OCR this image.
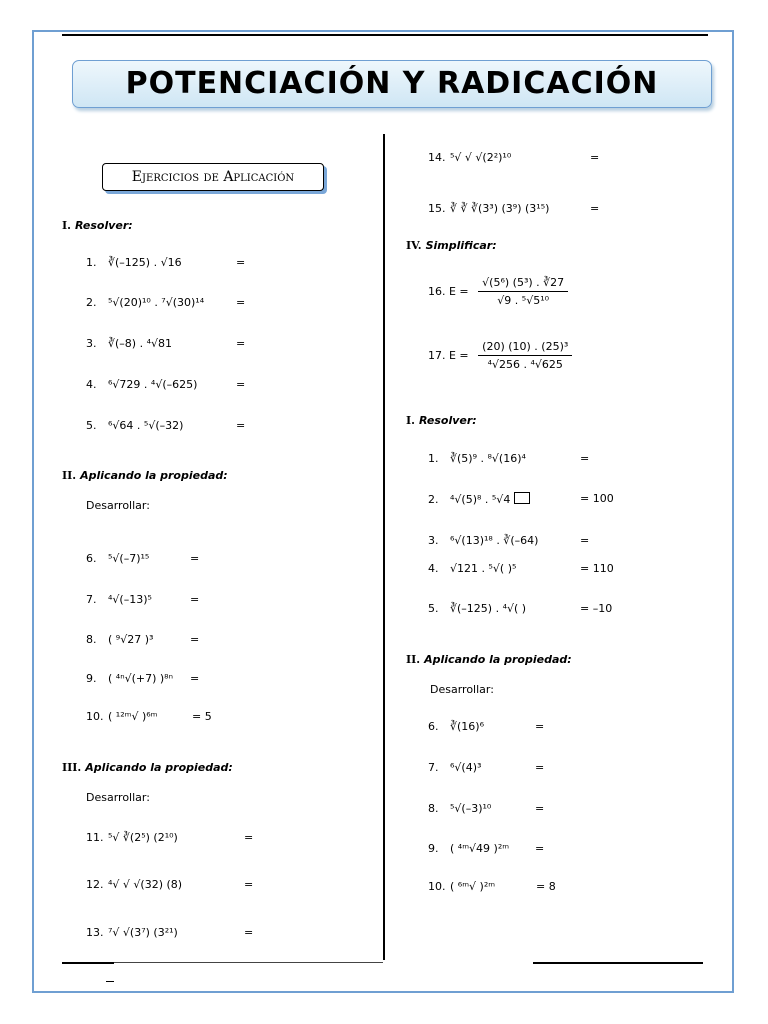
POTENCIACIÓN Y RADICACIÓN
Ejercicios de Aplicación
I. Resolver:
1. ∛(–125) . √16	=
2. ⁵√(20)¹⁰ . ⁷√(30)¹⁴	=
3. ∛(–8) . ⁴√81	=
4. ⁶√729 . ⁴√(–625)	=
5. ⁶√64 . ⁵√(–32)	=
II. Aplicando la propiedad:
Desarrollar:
6. ⁵√(–7)¹⁵	=
7. ⁴√(–13)⁵	=
8. ( ⁹√27 )³	=
9. ( ⁴ⁿ√(+7) )⁸ⁿ =
10. ( ¹²ᵐ√ )⁶ᵐ	= 5
III. Aplicando la propiedad:
Desarrollar:
11. ⁵√ ∛(2⁵) (2¹⁰)	=
12. ⁴√ √ √(32) (8)	=
13. ⁷√ √(3⁷) (3²¹)	=
14. ⁵√ √ √(2²)¹⁰	=
15. ∛ ∛ ∛(3³) (3⁹) (3¹⁵)	=
IV. Simplificar:
16. $E = \frac{\text{√(5⁶) (5³) . ∛27}}{\text{√9 . ⁵√5¹⁰}}$
17. $E = \frac{\text{(20) (10) . (25)³}}{\text{⁴√256 . ⁴√625}}$
I. Resolver:
1. ∛(5)⁹ . ⁸√(16)⁴	=
2. ⁴√(5)⁸ . ⁵√4	= 100
3. ⁶√(13)¹⁸ . ∛(–64)	=
4. √121 . ⁵√( )⁵	= 110
5. ∛(–125) . ⁴√( )	= –10
II. Aplicando la propiedad:
Desarrollar:
6. ∛(16)⁶	=
7. ⁶√(4)³	=
8. ⁵√(–3)¹⁰	=
9. ( ⁴ᵐ√49 )²ᵐ =
10. ( ⁶ᵐ√ )²ᵐ	= 8
